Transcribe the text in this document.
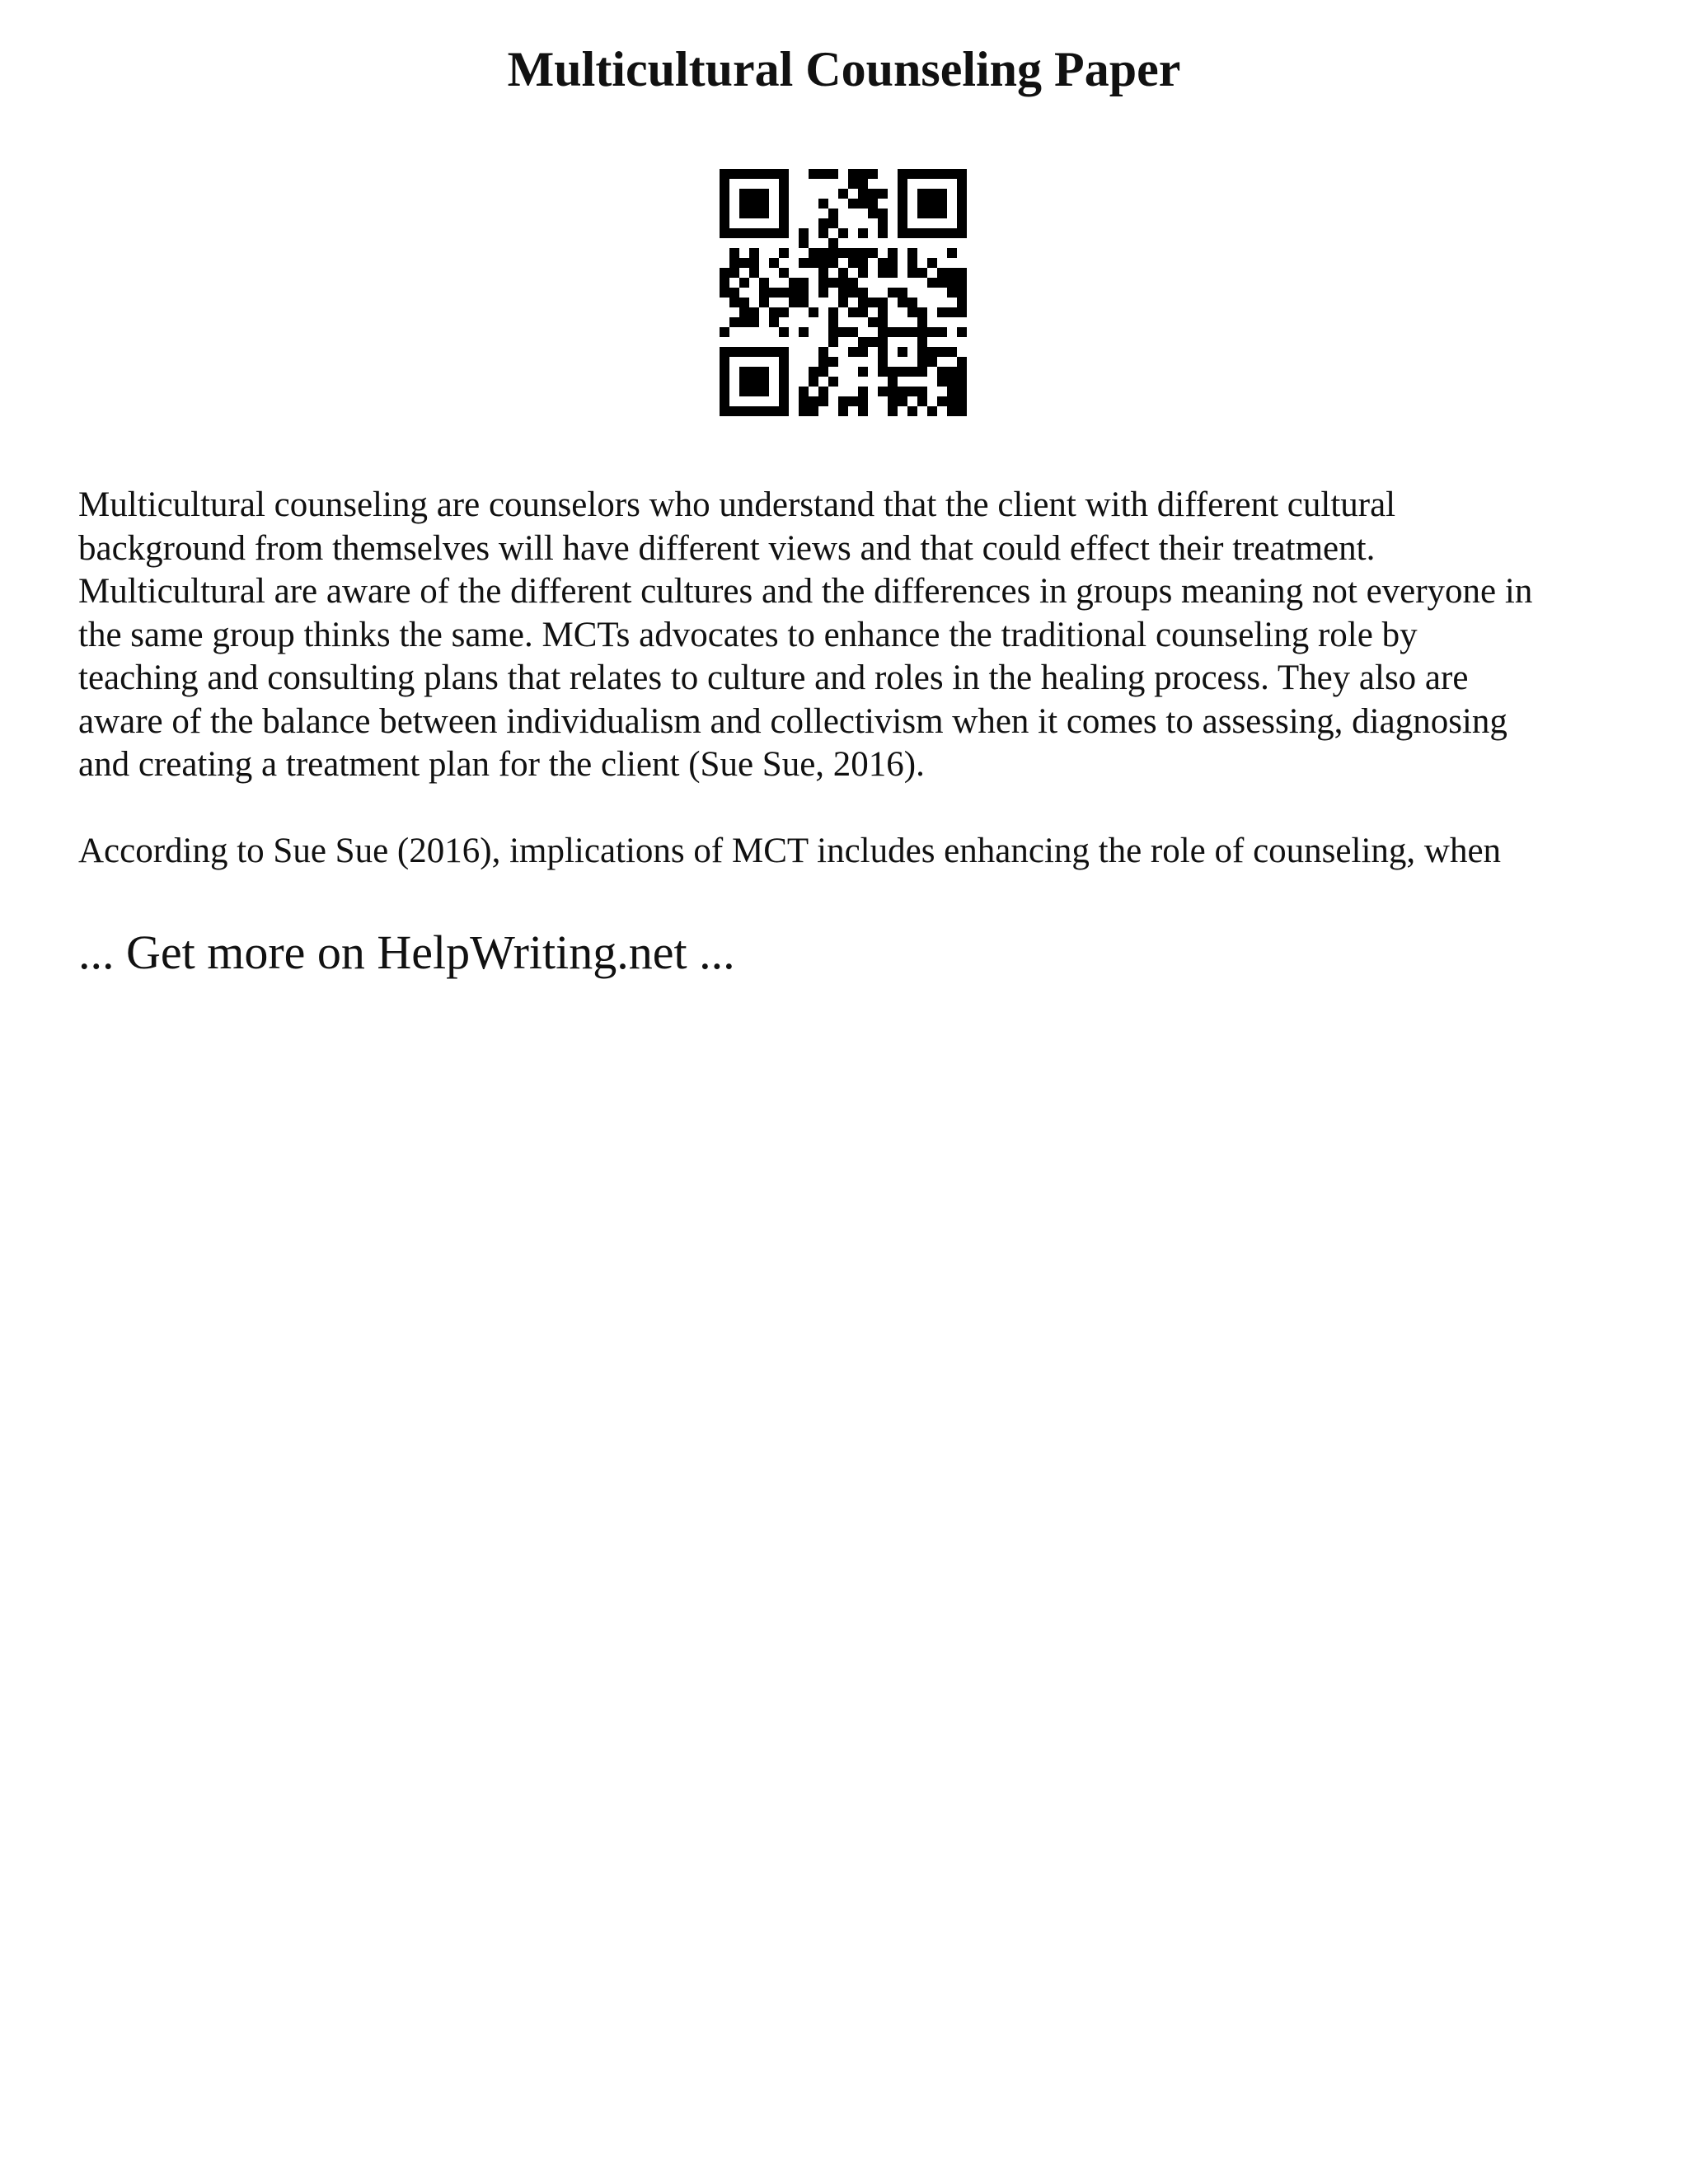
Multicultural Counseling Paper

Multicultural counseling are counselors who understand that the client with different cultural
background from themselves will have different views and that could effect their treatment.
Multicultural are aware of the different cultures and the differences in groups meaning not everyone in
the same group thinks the same. MCTs advocates to enhance the traditional counseling role by
teaching and consulting plans that relates to culture and roles in the healing process. They also are
aware of the balance between individualism and collectivism when it comes to assessing, diagnosing
and creating a treatment plan for the client (Sue Sue, 2016).

According to Sue Sue (2016), implications of MCT includes enhancing the role of counseling, when

... Get more on HelpWriting.net ...
